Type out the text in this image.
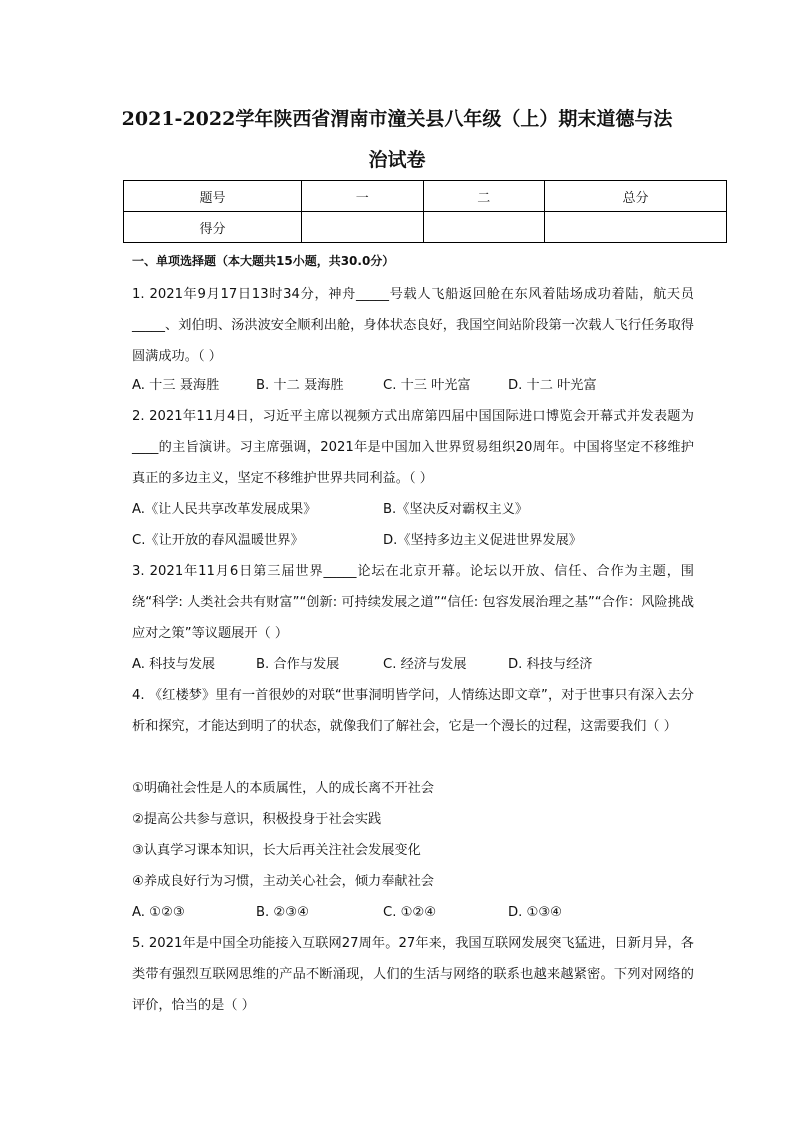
2021-2022学年陕西省渭南市潼关县八年级（上）期末道德与法
治试卷
题号	一	二	总分
得分			
一、单项选择题（本大题共15小题，共30.0分）
1. 2021年9月17日13时34分，神舟_____号载人飞船返回舱在东风着陆场成功着陆，航天员_____、刘伯明、汤洪波安全顺利出舱，身体状态良好，我国空间站阶段第一次载人飞行任务取得圆满成功。（ ）
A. 十三 聂海胜	B. 十二 聂海胜	C. 十三 叶光富	D. 十二 叶光富
2. 2021年11月4日，习近平主席以视频方式出席第四届中国国际进口博览会开幕式并发表题为____的主旨演讲。习主席强调，2021年是中国加入世界贸易组织20周年。中国将坚定不移维护真正的多边主义，坚定不移维护世界共同利益。（ ）
A.《让人民共享改革发展成果》	B.《坚决反对霸权主义》
C.《让开放的春风温暖世界》	D.《坚持多边主义促进世界发展》
3. 2021年11月6日第三届世界_____论坛在北京开幕。论坛以开放、信任、合作为主题，围绕“科学: 人类社会共有财富”“创新: 可持续发展之道”“信任: 包容发展治理之基”“合作：风险挑战应对之策”等议题展开（ ）
A. 科技与发展	B. 合作与发展	C. 经济与发展	D. 科技与经济
4. 《红楼梦》里有一首很妙的对联“世事洞明皆学问，人情练达即文章”，对于世事只有深入去分析和探究，才能达到明了的状态，就像我们了解社会，它是一个漫长的过程，这需要我们（ ）
①明确社会性是人的本质属性，人的成长离不开社会
②提高公共参与意识，积极投身于社会实践
③认真学习课本知识，长大后再关注社会发展变化
④养成良好行为习惯，主动关心社会，倾力奉献社会
A. ①②③	B. ②③④	C. ①②④	D. ①③④
5. 2021年是中国全功能接入互联网27周年。27年来，我国互联网发展突飞猛进，日新月异，各类带有强烈互联网思维的产品不断涌现，人们的生活与网络的联系也越来越紧密。下列对网络的评价，恰当的是（ ）
